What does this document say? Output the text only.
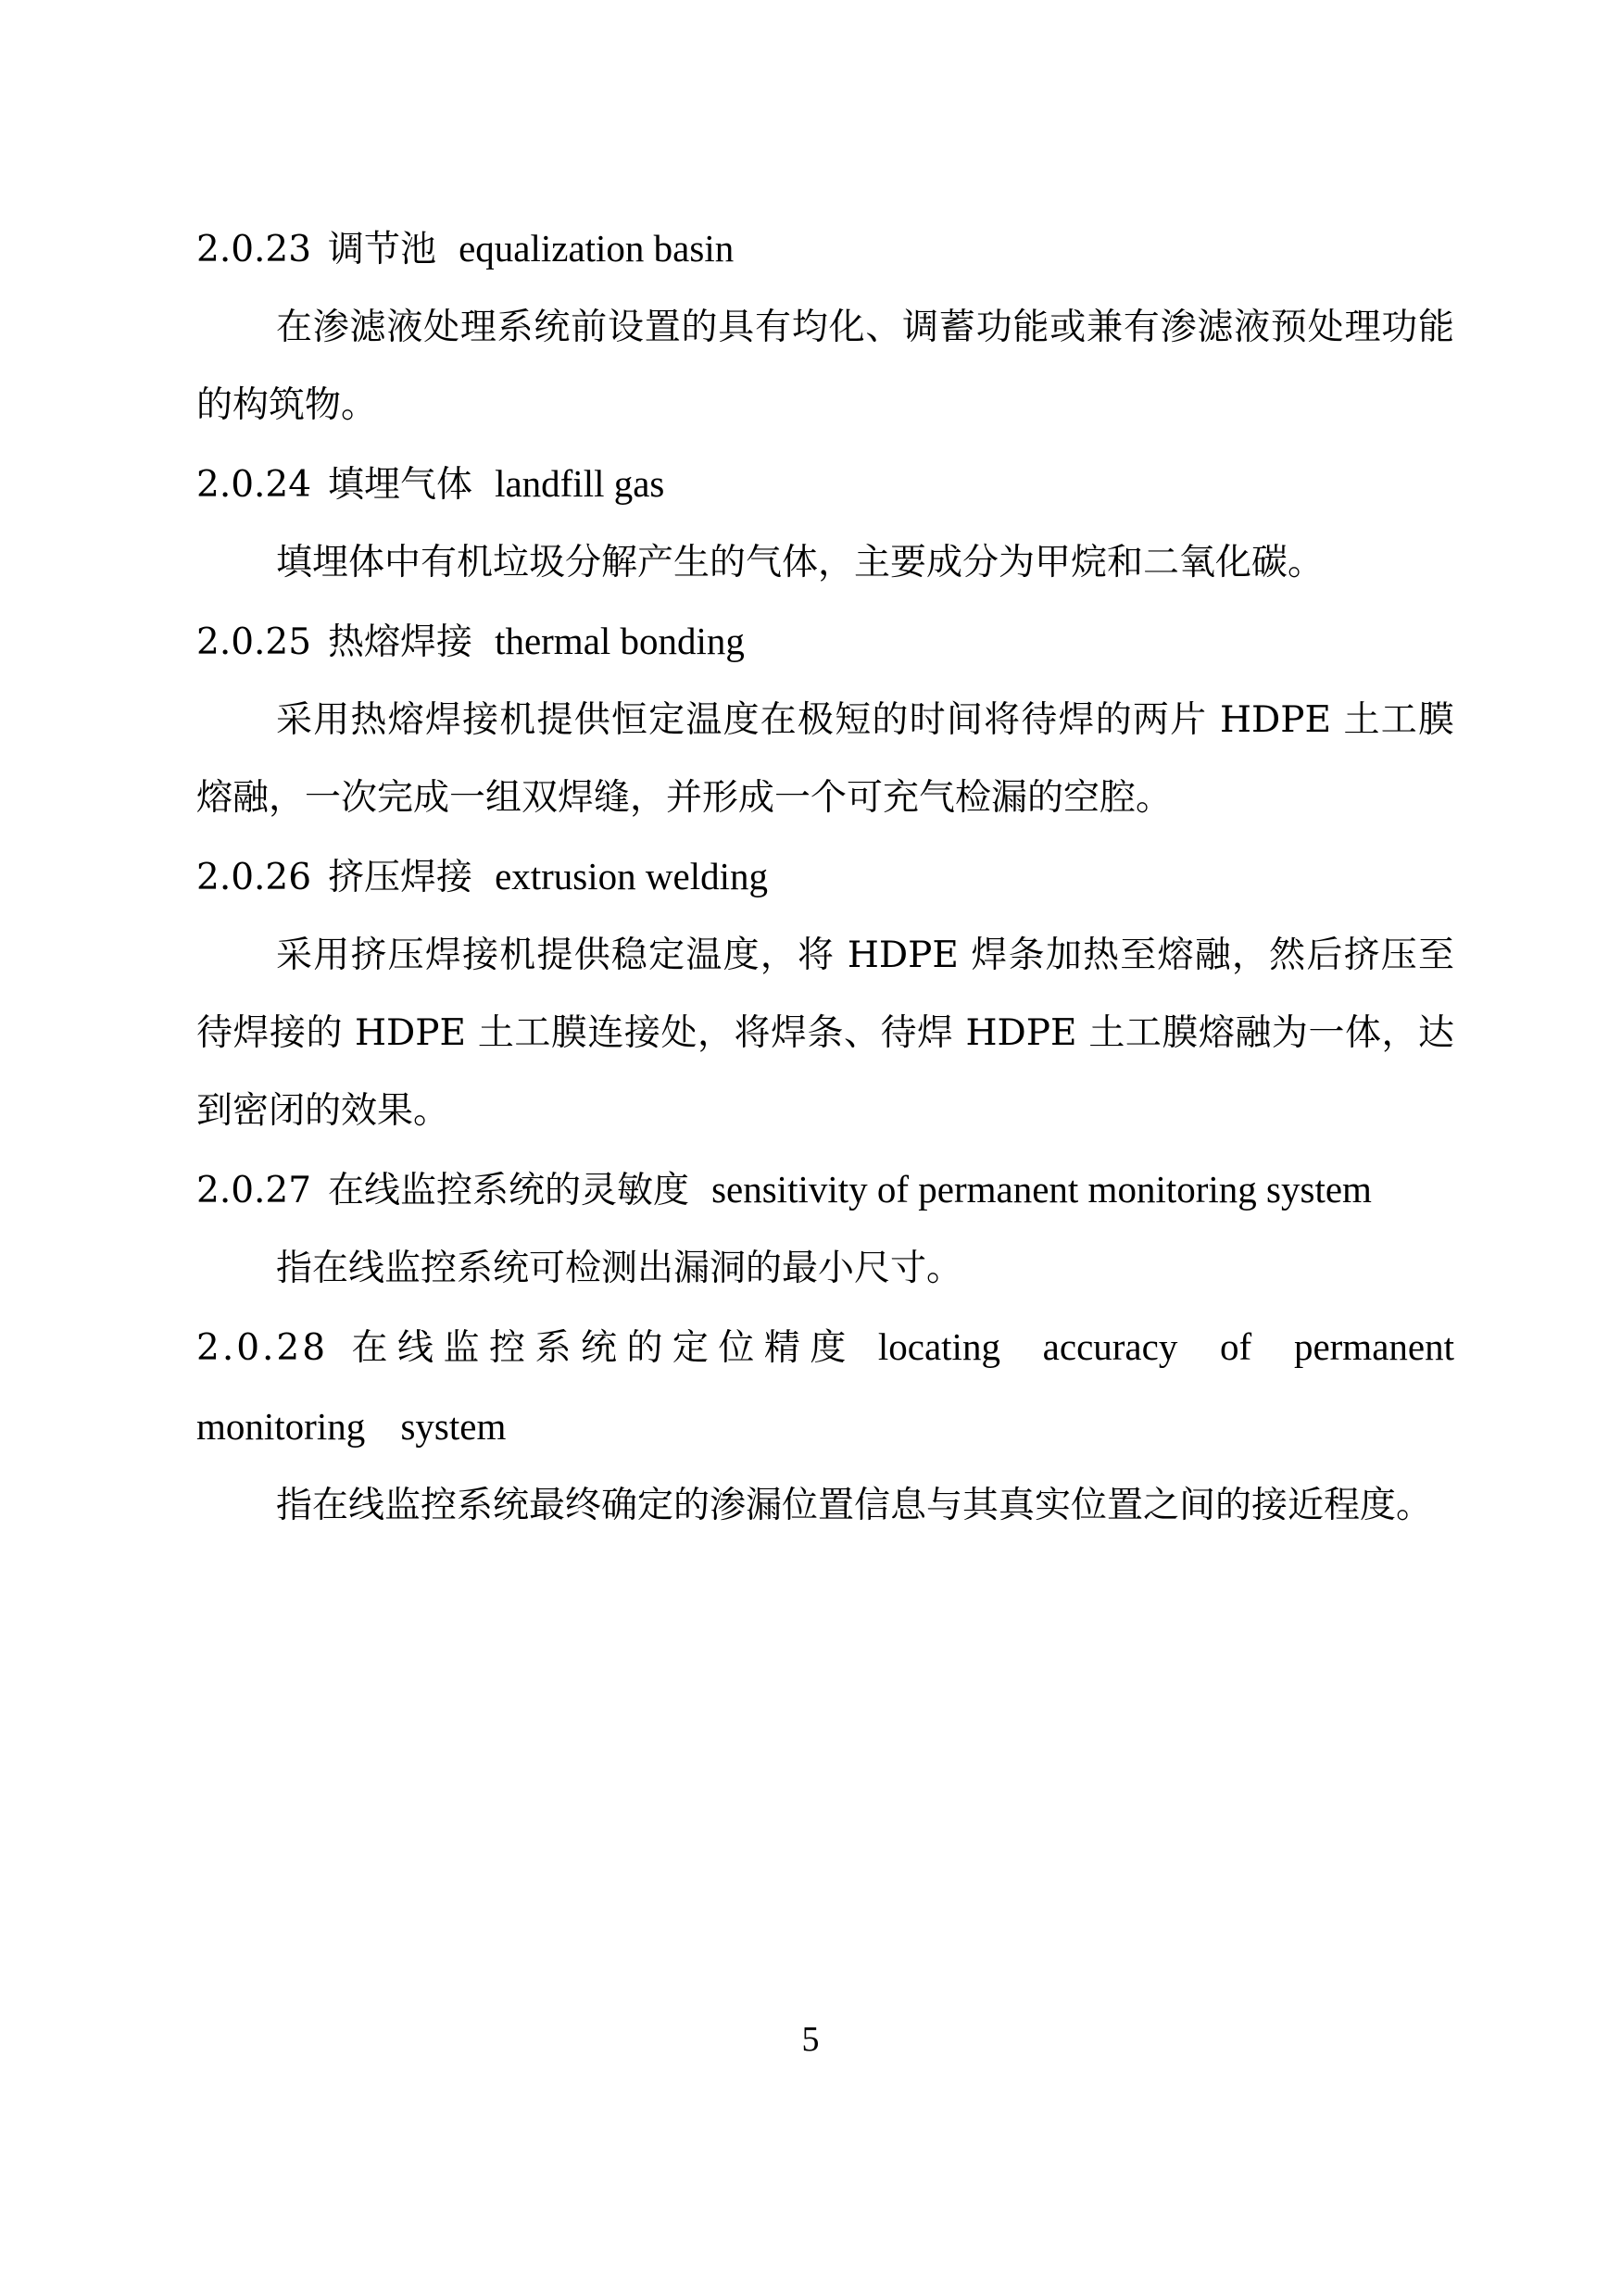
2.0.23 调节池 equalization basin
在渗滤液处理系统前设置的具有均化、调蓄功能或兼有渗滤液预处理功能的构筑物。
2.0.24 填埋气体 landfill gas
填埋体中有机垃圾分解产生的气体，主要成分为甲烷和二氧化碳。
2.0.25 热熔焊接 thermal bonding
采用热熔焊接机提供恒定温度在极短的时间将待焊的两片 HDPE 土工膜熔融，一次完成一组双焊缝，并形成一个可充气检漏的空腔。
2.0.26 挤压焊接 extrusion welding
采用挤压焊接机提供稳定温度，将 HDPE 焊条加热至熔融，然后挤压至待焊接的 HDPE 土工膜连接处，将焊条、待焊 HDPE 土工膜熔融为一体，达到密闭的效果。
2.0.27 在线监控系统的灵敏度 sensitivity of permanent monitoring system
指在线监控系统可检测出漏洞的最小尺寸。
2.0.28 在线监控系统的定位精度 locating accuracy of permanent monitoring system
指在线监控系统最终确定的渗漏位置信息与其真实位置之间的接近程度。
5
